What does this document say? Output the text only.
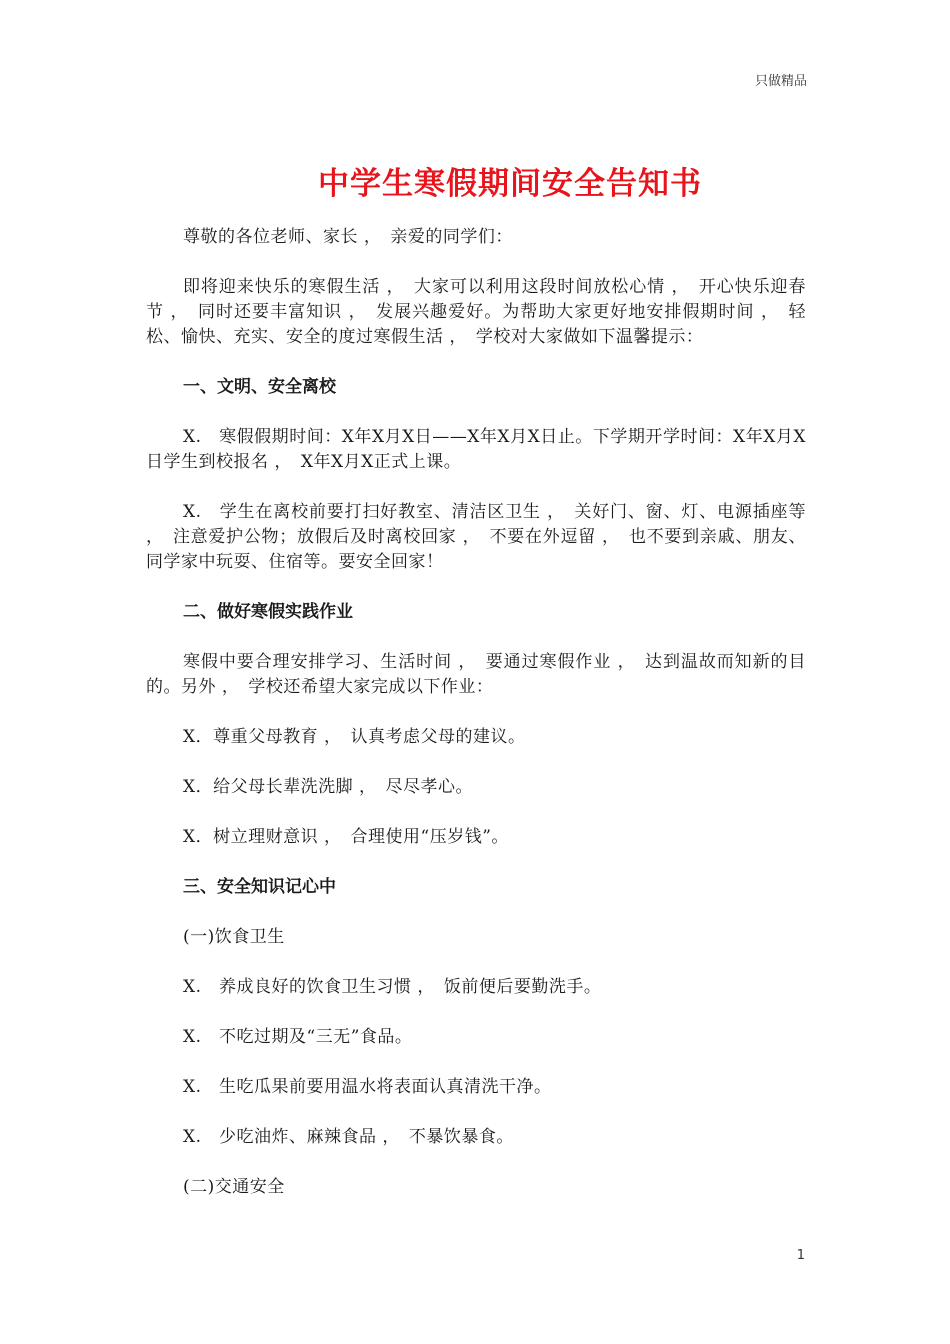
只做精品
中学生寒假期间安全告知书

尊敬的各位老师、家长 ，　亲爱的同学们：

即将迎来快乐的寒假生活 ，　大家可以利用这段时间放松心情 ，　开心快乐迎春节 ，　同时还要丰富知识 ，　发展兴趣爱好。为帮助大家更好地安排假期时间 ，　轻松、愉快、充实、安全的度过寒假生活 ，　学校对大家做如下温馨提示：

一、文明、安全离校

X.　寒假假期时间：X年X月X日——X年X月X日止。下学期开学时间：X年X月X日学生到校报名 ，　X年X月X正式上课。

X.　学生在离校前要打扫好教室、清洁区卫生 ，　关好门、窗、灯、电源插座等 ，　注意爱护公物；放假后及时离校回家 ，　不要在外逗留 ，　也不要到亲戚、朋友、同学家中玩耍、住宿等。要安全回家！

二、做好寒假实践作业

寒假中要合理安排学习、生活时间 ，　要通过寒假作业 ，　达到温故而知新的目的。另外 ，　学校还希望大家完成以下作业：

X．尊重父母教育 ，　认真考虑父母的建议。

X．给父母长辈洗洗脚 ，　尽尽孝心。

X．树立理财意识 ，　合理使用“压岁钱”。

三、安全知识记心中

(一)饮食卫生

X.　养成良好的饮食卫生习惯 ，　饭前便后要勤洗手。

X.　不吃过期及“三无”食品。

X.　生吃瓜果前要用温水将表面认真清洗干净。

X.　少吃油炸、麻辣食品 ，　不暴饮暴食。

(二)交通安全

1
